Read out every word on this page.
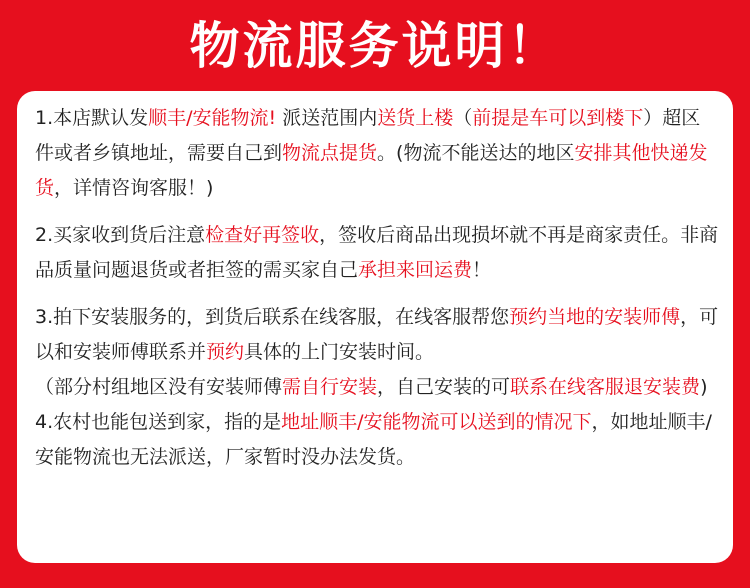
物流服务说明！

1.本店默认发顺丰/安能物流! 派送范围内送货上楼（前提是车可以到楼下）超区件或者乡镇地址，需要自己到物流点提货。(物流不能送达的地区安排其他快递发货，详情咨询客服！)

2.买家收到货后注意检查好再签收，签收后商品出现损坏就不再是商家责任。非商品质量问题退货或者拒签的需买家自己承担来回运费！

3.拍下安装服务的，到货后联系在线客服，在线客服帮您预约当地的安装师傅，可以和安装师傅联系并预约具体的上门安装时间。

（部分村组地区没有安装师傅需自行安装，自己安装的可联系在线客服退安装费)

4.农村也能包送到家，指的是地址顺丰/安能物流可以送到的情况下，如地址顺丰/安能物流也无法派送，厂家暂时没办法发货。
